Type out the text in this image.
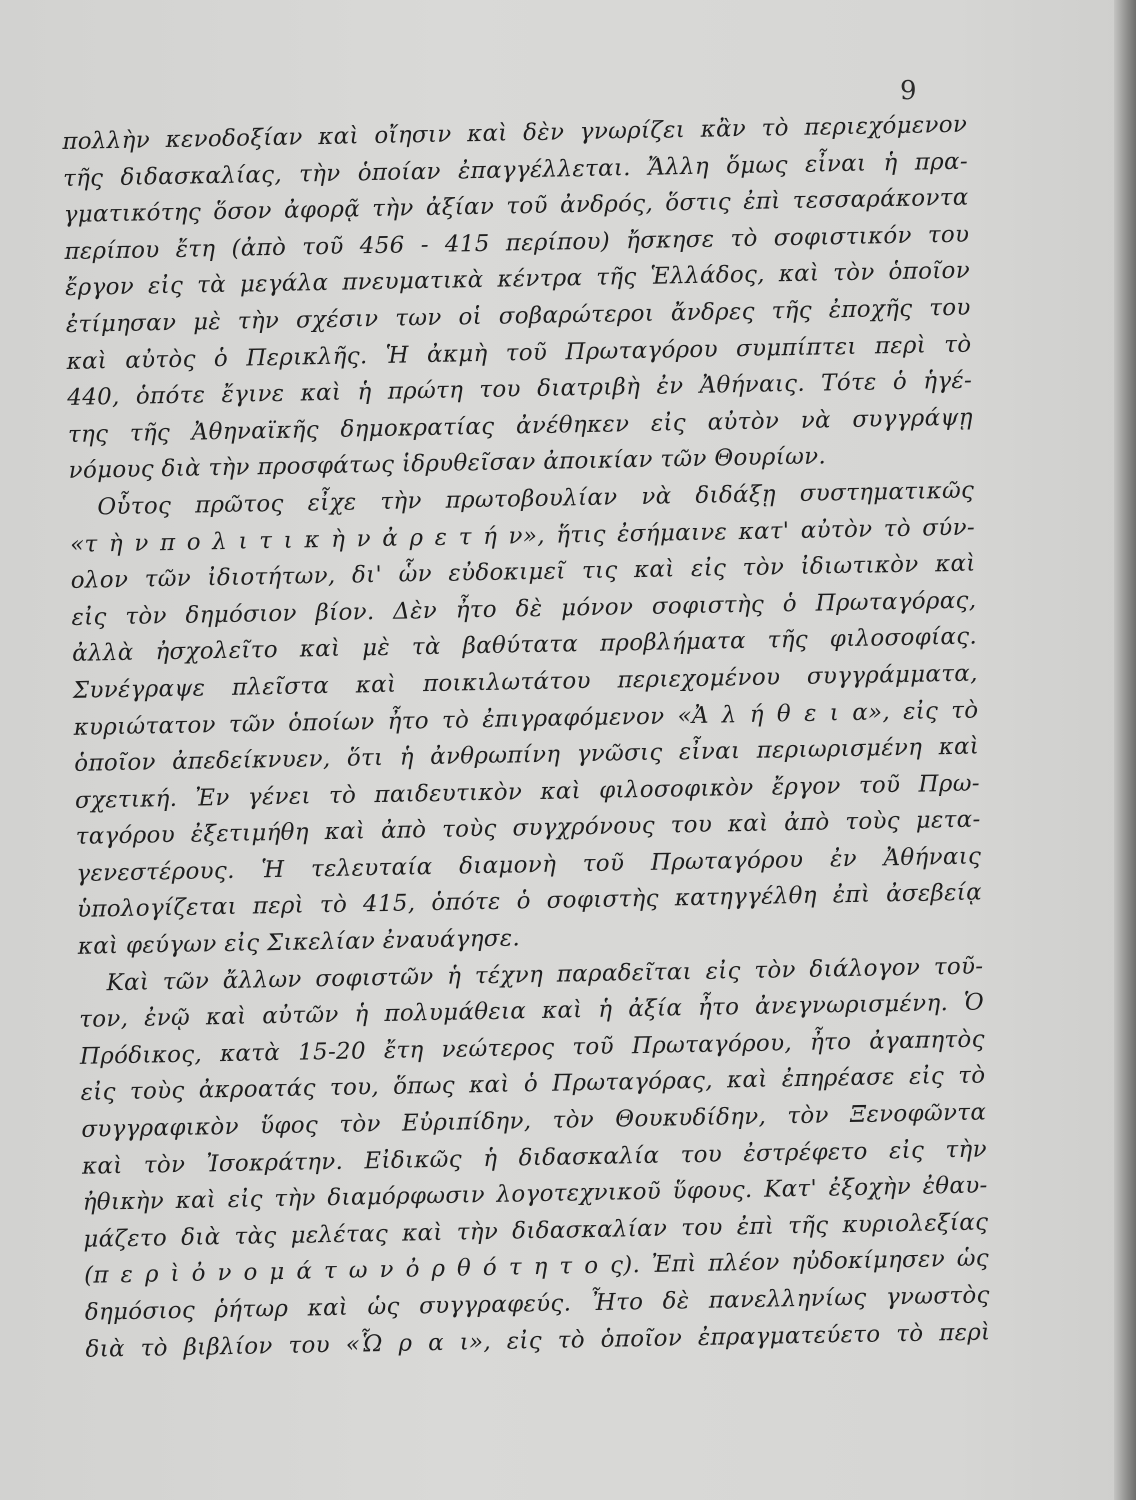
9
πολλὴν κενοδοξίαν καὶ οἴησιν καὶ δὲν γνωρίζει κἂν τὸ περιεχόμενον
τῆς διδασκαλίας, τὴν ὁποίαν ἐπαγγέλλεται. Ἄλλη ὅμως εἶναι ἡ πρα-
γματικότης ὅσον ἀφορᾷ τὴν ἀξίαν τοῦ ἀνδρός, ὅστις ἐπὶ τεσσαράκοντα
περίπου ἔτη (ἀπὸ τοῦ 456 - 415 περίπου) ἤσκησε τὸ σοφιστικόν του
ἔργον εἰς τὰ μεγάλα πνευματικὰ κέντρα τῆς Ἑλλάδος, καὶ τὸν ὁποῖον
ἐτίμησαν μὲ τὴν σχέσιν των οἱ σοβαρώτεροι ἄνδρες τῆς ἐποχῆς του
καὶ αὐτὸς ὁ Περικλῆς. Ἡ ἀκμὴ τοῦ Πρωταγόρου συμπίπτει περὶ τὸ
440, ὁπότε ἔγινε καὶ ἡ πρώτη του διατριβὴ ἐν Ἀθήναις. Τότε ὁ ἡγέ-
της τῆς Ἀθηναϊκῆς δημοκρατίας ἀνέθηκεν εἰς αὐτὸν νὰ συγγράψῃ
νόμους διὰ τὴν προσφάτως ἱδρυθεῖσαν ἀποικίαν τῶν Θουρίων.
Οὗτος πρῶτος εἶχε τὴν πρωτοβουλίαν νὰ διδάξῃ συστηματικῶς
«τ ὴ ν π ο λ ι τ ι κ ὴ ν ἀ ρ ε τ ή ν», ἥτις ἐσήμαινε κατ' αὐτὸν τὸ σύν-
ολον τῶν ἰδιοτήτων, δι' ὧν εὐδοκιμεῖ τις καὶ εἰς τὸν ἰδιωτικὸν καὶ
εἰς τὸν δημόσιον βίον. Δὲν ἦτο δὲ μόνον σοφιστὴς ὁ Πρωταγόρας,
ἀλλὰ ἠσχολεῖτο καὶ μὲ τὰ βαθύτατα προβλήματα τῆς φιλοσοφίας.
Συνέγραψε πλεῖστα καὶ ποικιλωτάτου περιεχομένου συγγράμματα,
κυριώτατον τῶν ὁποίων ἦτο τὸ ἐπιγραφόμενον «Ἀ λ ή θ ε ι α», εἰς τὸ
ὁποῖον ἀπεδείκνυεν, ὅτι ἡ ἀνθρωπίνη γνῶσις εἶναι περιωρισμένη καὶ
σχετική. Ἐν γένει τὸ παιδευτικὸν καὶ φιλοσοφικὸν ἔργον τοῦ Πρω-
ταγόρου ἐξετιμήθη καὶ ἀπὸ τοὺς συγχρόνους του καὶ ἀπὸ τοὺς μετα-
γενεστέρους. Ἡ τελευταία διαμονὴ τοῦ Πρωταγόρου ἐν Ἀθήναις
ὑπολογίζεται περὶ τὸ 415, ὁπότε ὁ σοφιστὴς κατηγγέλθη ἐπὶ ἀσεβείᾳ
καὶ φεύγων εἰς Σικελίαν ἐναυάγησε.
Καὶ τῶν ἄλλων σοφιστῶν ἡ τέχνη παραδεῖται εἰς τὸν διάλογον τοῦ-
τον, ἐνῷ καὶ αὐτῶν ἡ πολυμάθεια καὶ ἡ ἀξία ἦτο ἀνεγνωρισμένη. Ὁ
Πρόδικος, κατὰ 15-20 ἔτη νεώτερος τοῦ Πρωταγόρου, ἦτο ἀγαπητὸς
εἰς τοὺς ἀκροατάς του, ὅπως καὶ ὁ Πρωταγόρας, καὶ ἐπηρέασε εἰς τὸ
συγγραφικὸν ὕφος τὸν Εὐριπίδην, τὸν Θουκυδίδην, τὸν Ξενοφῶντα
καὶ τὸν Ἰσοκράτην. Εἰδικῶς ἡ διδασκαλία του ἐστρέφετο εἰς τὴν
ἠθικὴν καὶ εἰς τὴν διαμόρφωσιν λογοτεχνικοῦ ὕφους. Κατ' ἐξοχὴν ἐθαυ-
μάζετο διὰ τὰς μελέτας καὶ τὴν διδασκαλίαν του ἐπὶ τῆς κυριολεξίας
(π ε ρ ὶ ὀ ν ο μ ά τ ω ν ὀ ρ θ ό τ η τ ο ς). Ἐπὶ πλέον ηὐδοκίμησεν ὡς
δημόσιος ῥήτωρ καὶ ὡς συγγραφεύς. Ἦτο δὲ πανελληνίως γνωστὸς
διὰ τὸ βιβλίον του «Ὧ ρ α ι», εἰς τὸ ὁποῖον ἐπραγματεύετο τὸ περὶ
